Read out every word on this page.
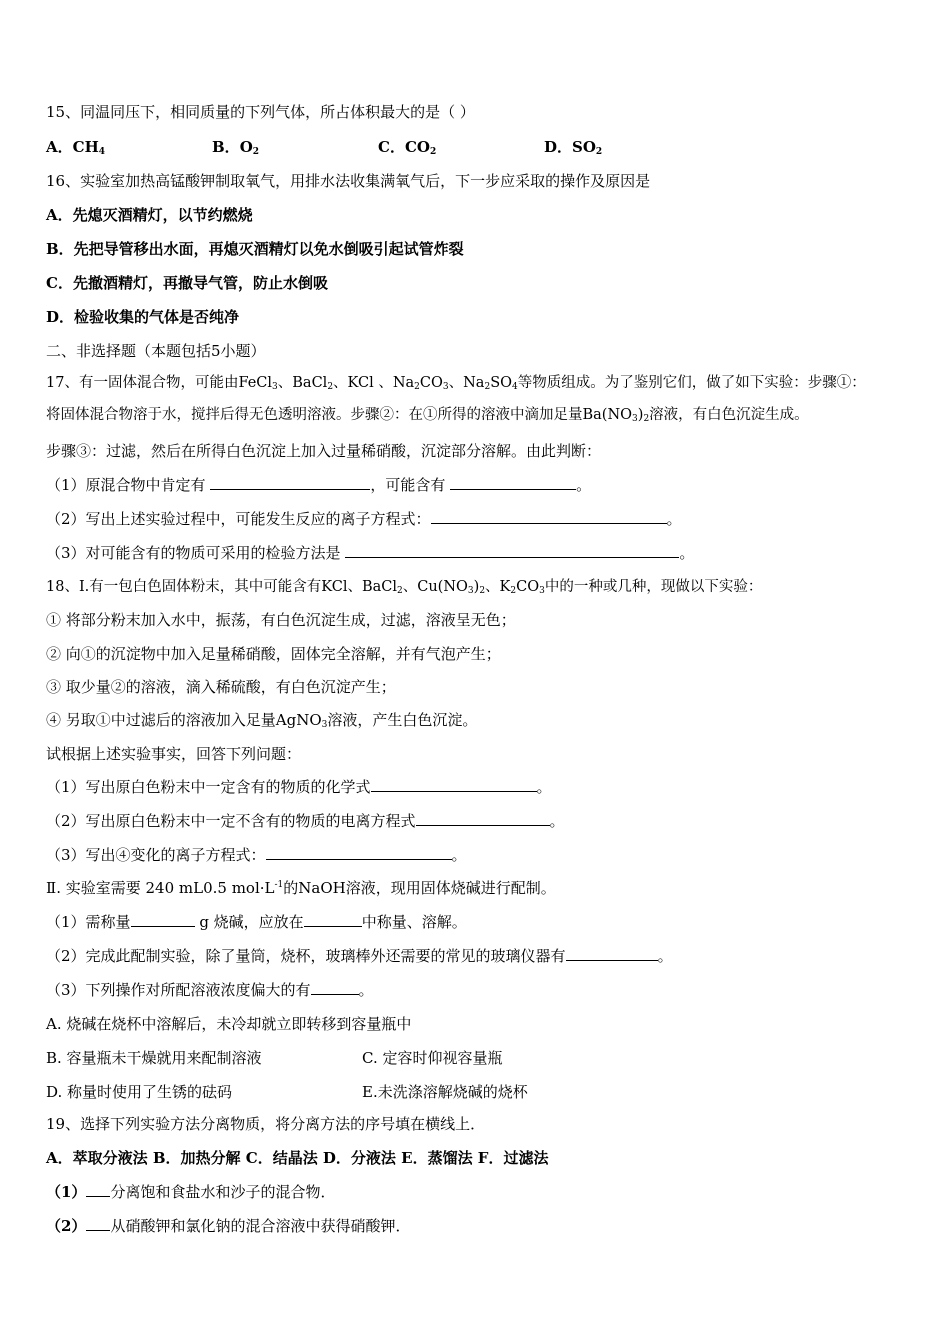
15、同温同压下，相同质量的下列气体，所占体积最大的是（ ）
A．$CH_4$	B．$O_2$	C．$CO_2$	D．$SO_2$
16、实验室加热高锰酸钾制取氧气，用排水法收集满氧气后，下一步应采取的操作及原因是
A．先熄灭酒精灯，以节约燃烧
B．先把导管移出水面，再熄灭酒精灯以免水倒吸引起试管炸裂
C．先撤酒精灯，再撤导气管，防止水倒吸
D．检验收集的气体是否纯净
二、非选择题（本题包括5小题）
17、有一固体混合物，可能由FeCl$_3$、BaCl$_2$、KCl 、$Na_2CO_3$、$Na_2SO_4$等物质组成。为了鉴别它们，做了如下实验：步骤①：
将固体混合物溶于水，搅拌后得无色透明溶液。步骤②：在①所得的溶液中滴加足量$Ba(NO_3)_2$溶液，有白色沉淀生成。
步骤③：过滤，然后在所得白色沉淀上加入过量稀硝酸，沉淀部分溶解。由此判断：
（1）原混合物中肯定有	，可能含有	。
（2）写出上述实验过程中，可能发生反应的离子方程式：	。
（3）对可能含有的物质可采用的检验方法是	。
18、Ⅰ.有一包白色固体粉末，其中可能含有KCl、BaCl$_2$、$Cu(NO_3)_2$、$K_2CO_3$中的一种或几种，现做以下实验：
① 将部分粉末加入水中，振荡，有白色沉淀生成，过滤，溶液呈无色；
② 向①的沉淀物中加入足量稀硝酸，固体完全溶解，并有气泡产生；
③ 取少量②的溶液，滴入稀硫酸，有白色沉淀产生；
④ 另取①中过滤后的溶液加入足量AgNO$_3$溶液，产生白色沉淀。
试根据上述实验事实，回答下列问题：
（1）写出原白色粉末中一定含有的物质的化学式	。
（2）写出原白色粉末中一定不含有的物质的电离方程式	。
（3）写出④变化的离子方程式：	。
Ⅱ. 实验室需要 240 mL0.5 $mol\cdot L^{-1}$的NaOH溶液，现用固体烧碱进行配制。
（1）需称量	g 烧碱，应放在	中称量、溶解。
（2）完成此配制实验，除了量筒，烧杯，玻璃棒外还需要的常见的玻璃仪器有	。
（3）下列操作对所配溶液浓度偏大的有	。
A. 烧碱在烧杯中溶解后，未冷却就立即转移到容量瓶中
B. 容量瓶未干燥就用来配制溶液	C. 定容时仰视容量瓶
D. 称量时使用了生锈的砝码	E.未洗涤溶解烧碱的烧杯
19、选择下列实验方法分离物质，将分离方法的序号填在横线上．
A．萃取分液法 B．加热分解 C．结晶法 D．分液法 E．蒸馏法 F．过滤法
（1） 分离饱和食盐水和沙子的混合物．
（2） 从硝酸钾和氯化钠的混合溶液中获得硝酸钾．
